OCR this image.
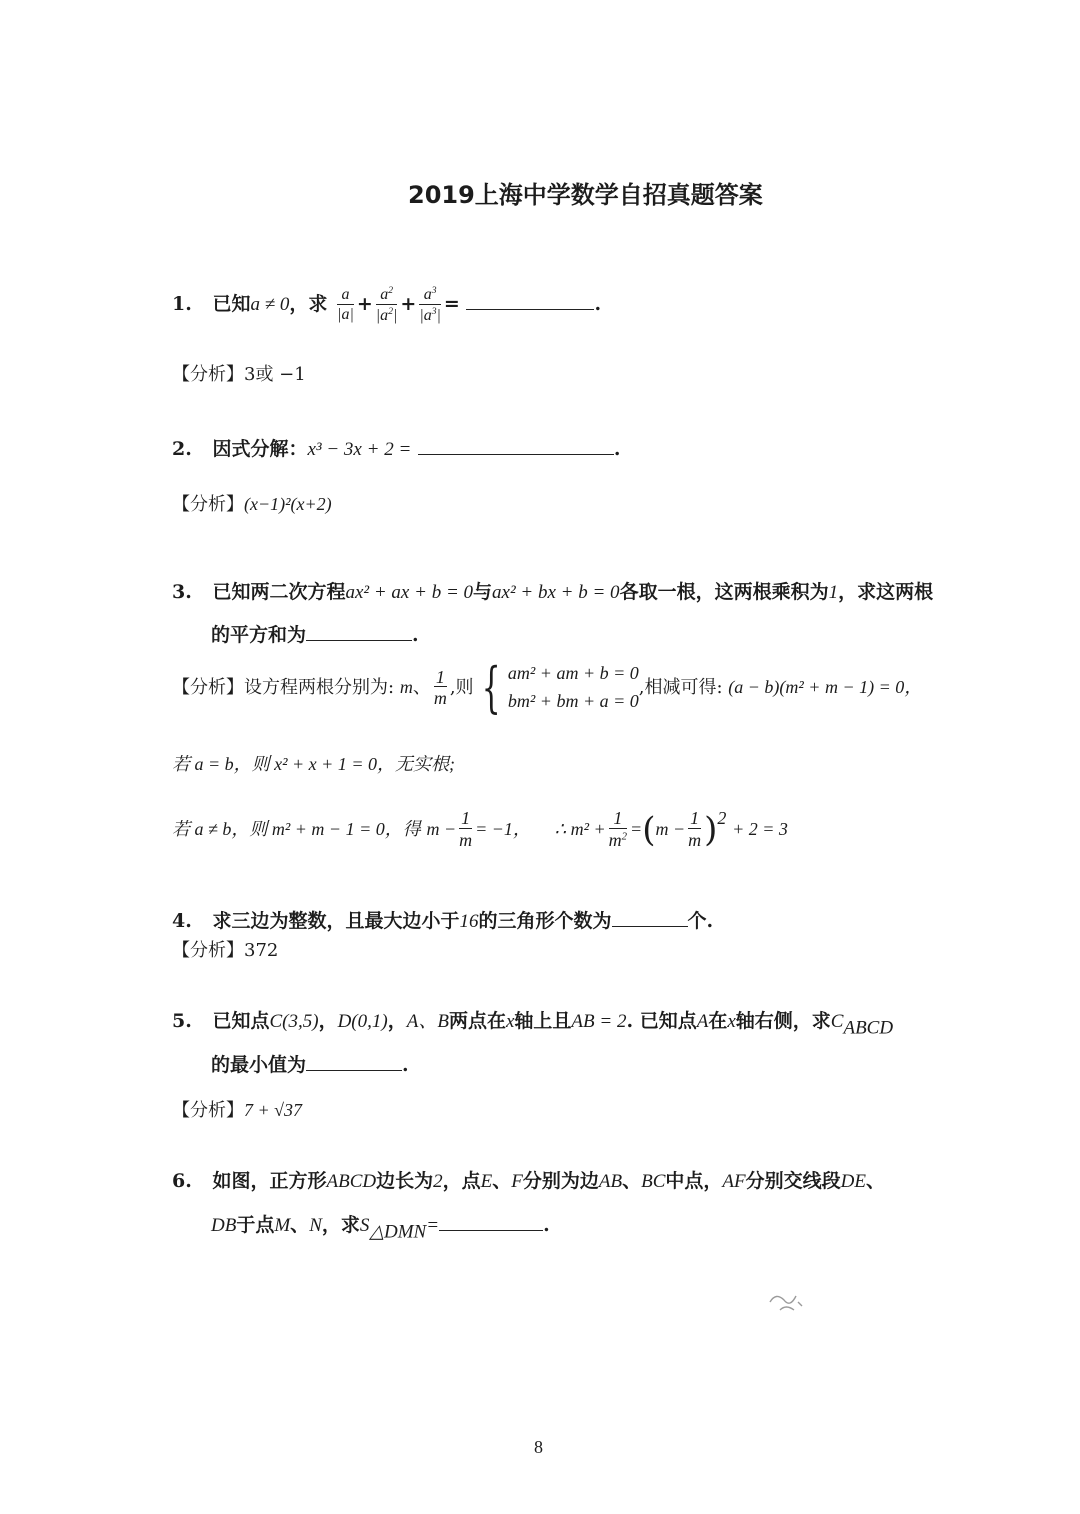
2019上海中学数学自招真题答案
1. 已知a ≠ 0，求 $\frac{a}{|a|} + \frac{a^2}{|a^2|} + \frac{a^3}{|a^3|}$ =	.
【分析】3或 −1
2. 因式分解：x³ − 3x + 2 =	.
【分析】(x−1)²(x+2)
3. 已知两二次方程ax² + ax + b = 0与ax² + bx + b = 0各取一根，这两根乘积为1，求这两根
的平方和为	.
【分析】设方程两根分别为: m、 $\frac{1}{m}$ ,则 { am² + am + b = 0
bm² + bm + a = 0
,相减可得: (a − b)(m² + m − 1) = 0，
若 a = b，则 x² + x + 1 = 0，无实根;
若 a ≠ b，则 m² + m − 1 = 0，得 $m - \frac{1}{m} = -1$， ∴ $m^2 + \frac{1}{m^2} =(m - \frac{1}{m} )^2 + 2 = 3$
4. 求三边为整数，且最大边小于16的三角形个数为	个.
【分析】372
5. 已知点C(3,5)，D(0,1)，A、B两点在x轴上且AB = 2. 已知点A在x轴右侧，求$C_{ABCD}$
的最小值为	.
【分析】7 + √37
6. 如图，正方形ABCD边长为2，点E、F分别为边AB、BC中点，AF分别交线段DE、
DB于点M、N，求$S_{\triangle DMN}=$	.
8
